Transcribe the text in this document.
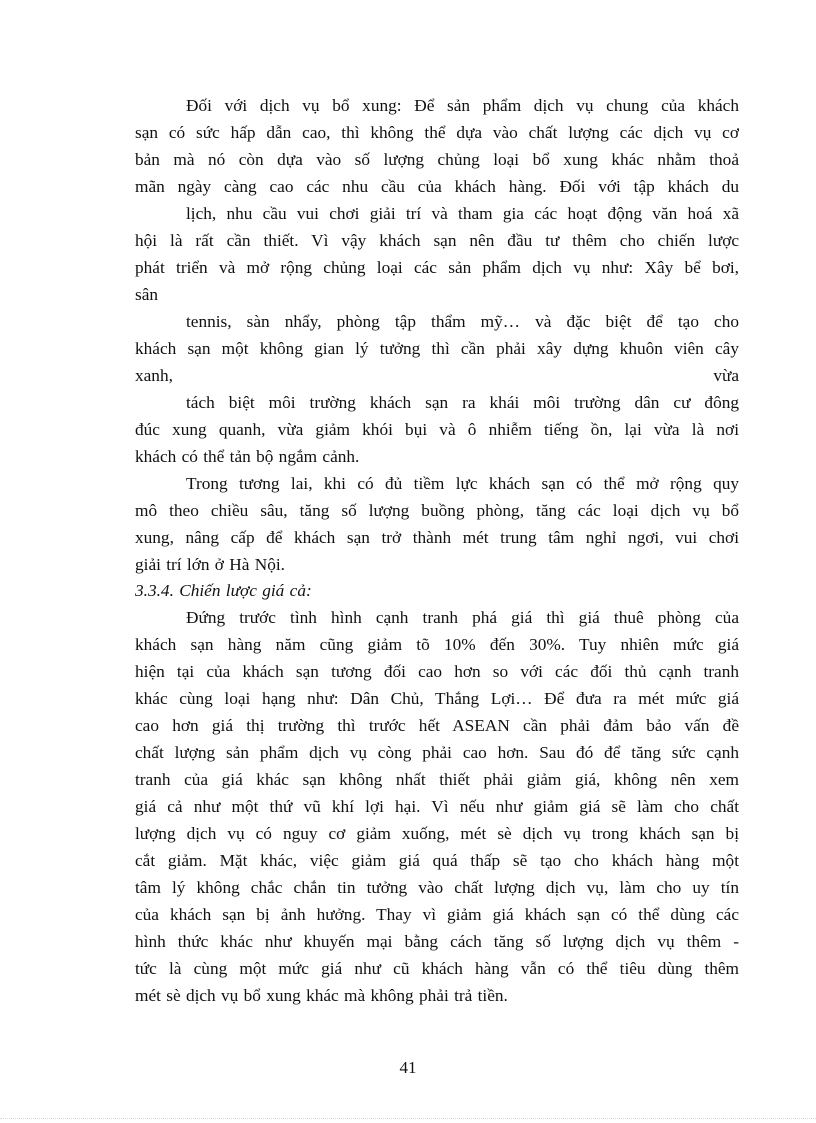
Đối với dịch vụ bổ xung: Để sản phẩm dịch vụ chung của khách
sạn có sức hấp dẫn cao, thì không thể dựa vào chất lượng các dịch vụ cơ
bản mà nó còn dựa vào số lượng chủng loại bổ xung khác nhằm thoả
mãn ngày càng cao các nhu cầu của khách hàng. Đối với tập khách du
lịch, nhu cầu vui chơi giải trí và tham gia các hoạt động văn hoá xã
hội là rất cần thiết. Vì vậy khách sạn nên đầu tư thêm cho chiến lược
phát triển và mở rộng chủng loại các sản phẩm dịch vụ như: Xây bể bơi,
sân
tennis, sàn nhẩy, phòng tập thẩm mỹ… và đặc biệt để tạo cho
khách sạn một không gian lý tưởng thì cần phải xây dựng khuôn viên cây
xanh,	vừa
tách biệt môi trường khách sạn ra khái môi trường dân cư đông
đúc xung quanh, vừa giảm khói bụi và ô nhiễm tiếng ồn, lại vừa là nơi
khách có thể tản bộ ngắm cảnh.
Trong tương lai, khi có đủ tiềm lực khách sạn có thể mở rộng quy
mô theo chiều sâu, tăng số lượng buồng phòng, tăng các loại dịch vụ bổ
xung, nâng cấp để khách sạn trở thành mét trung tâm nghỉ ngơi, vui chơi
giải trí lớn ở Hà Nội.
3.3.4. Chiến lược giá cả:
Đứng trước tình hình cạnh tranh phá giá thì giá thuê phòng của
khách sạn hàng năm cũng giảm tõ 10% đến 30%. Tuy nhiên mức giá
hiện tại của khách sạn tương đối cao hơn so với các đối thủ cạnh tranh
khác cùng loại hạng như: Dân Chủ, Thắng Lợi… Để đưa ra mét mức giá
cao hơn giá thị trường thì trước hết ASEAN cần phải đảm bảo vấn đề
chất lượng sản phẩm dịch vụ còng phải cao hơn. Sau đó để tăng sức cạnh
tranh của giá khác sạn không nhất thiết phải giảm giá, không nên xem
giá cả như một thứ vũ khí lợi hại. Vì nếu như giảm giá sẽ làm cho chất
lượng dịch vụ có nguy cơ giảm xuống, mét sè dịch vụ trong khách sạn bị
cắt giảm. Mặt khác, việc giảm giá quá thấp sẽ tạo cho khách hàng một
tâm lý không chắc chắn tin tưởng vào chất lượng dịch vụ, làm cho uy tín
của khách sạn bị ảnh hưởng. Thay vì giảm giá khách sạn có thể dùng các
hình thức khác như khuyến mại bằng cách tăng số lượng dịch vụ thêm -
tức là cùng một mức giá như cũ khách hàng vẫn có thể tiêu dùng thêm
mét sè dịch vụ bổ xung khác mà không phải trả tiền.
41
